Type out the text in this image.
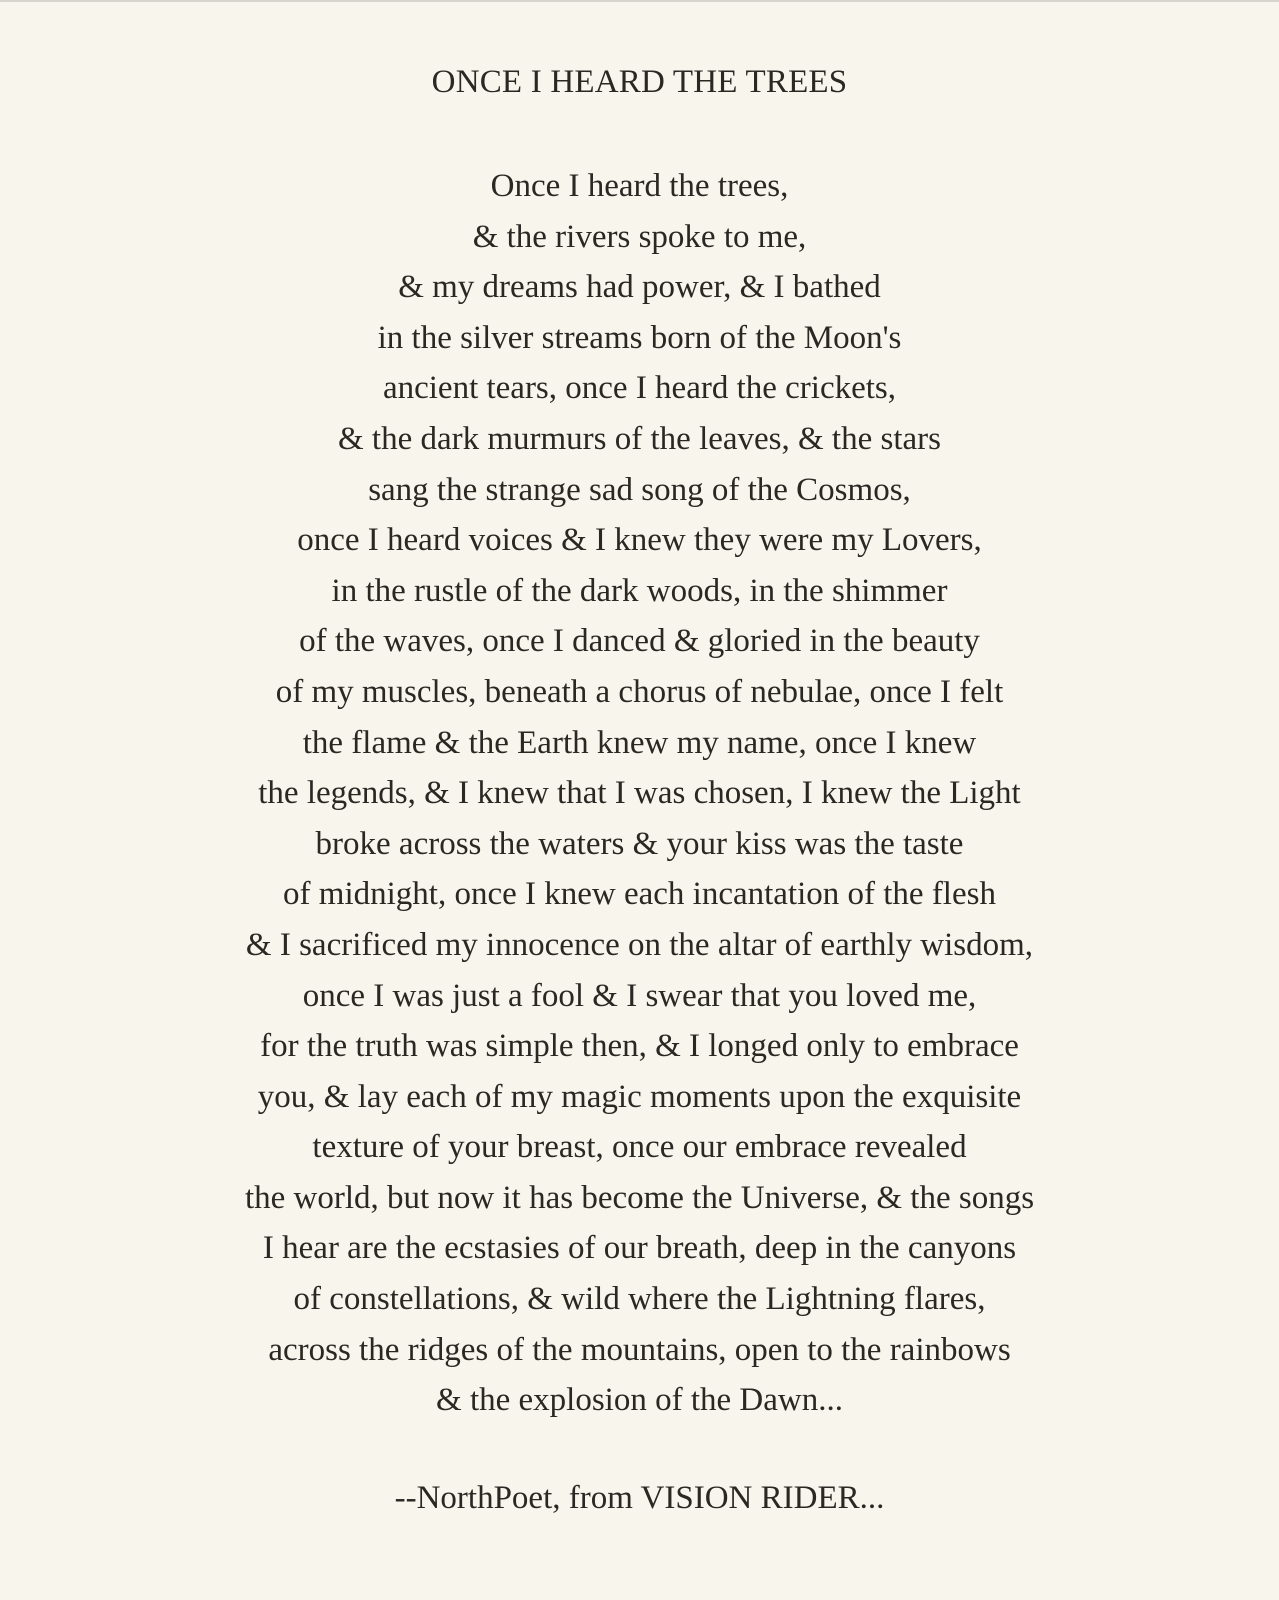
ONCE I HEARD THE TREES
Once I heard the trees,
& the rivers spoke to me,
& my dreams had power, & I bathed
in the silver streams born of the Moon's
ancient tears, once I heard the crickets,
& the dark murmurs of the leaves, & the stars
sang the strange sad song of the Cosmos,
once I heard voices & I knew they were my Lovers,
in the rustle of the dark woods, in the shimmer
of the waves, once I danced & gloried in the beauty
of my muscles, beneath a chorus of nebulae, once I felt
the flame & the Earth knew my name, once I knew
the legends, & I knew that I was chosen, I knew the Light
broke across the waters & your kiss was the taste
of midnight, once I knew each incantation of the flesh
& I sacrificed my innocence on the altar of earthly wisdom,
once I was just a fool & I swear that you loved me,
for the truth was simple then, & I longed only to embrace
you, & lay each of my magic moments upon the exquisite
texture of your breast, once our embrace revealed
the world, but now it has become the Universe, & the songs
I hear are the ecstasies of our breath, deep in the canyons
of constellations, & wild where the Lightning flares,
across the ridges of the mountains, open to the rainbows
& the explosion of the Dawn...

--NorthPoet, from VISION RIDER...
